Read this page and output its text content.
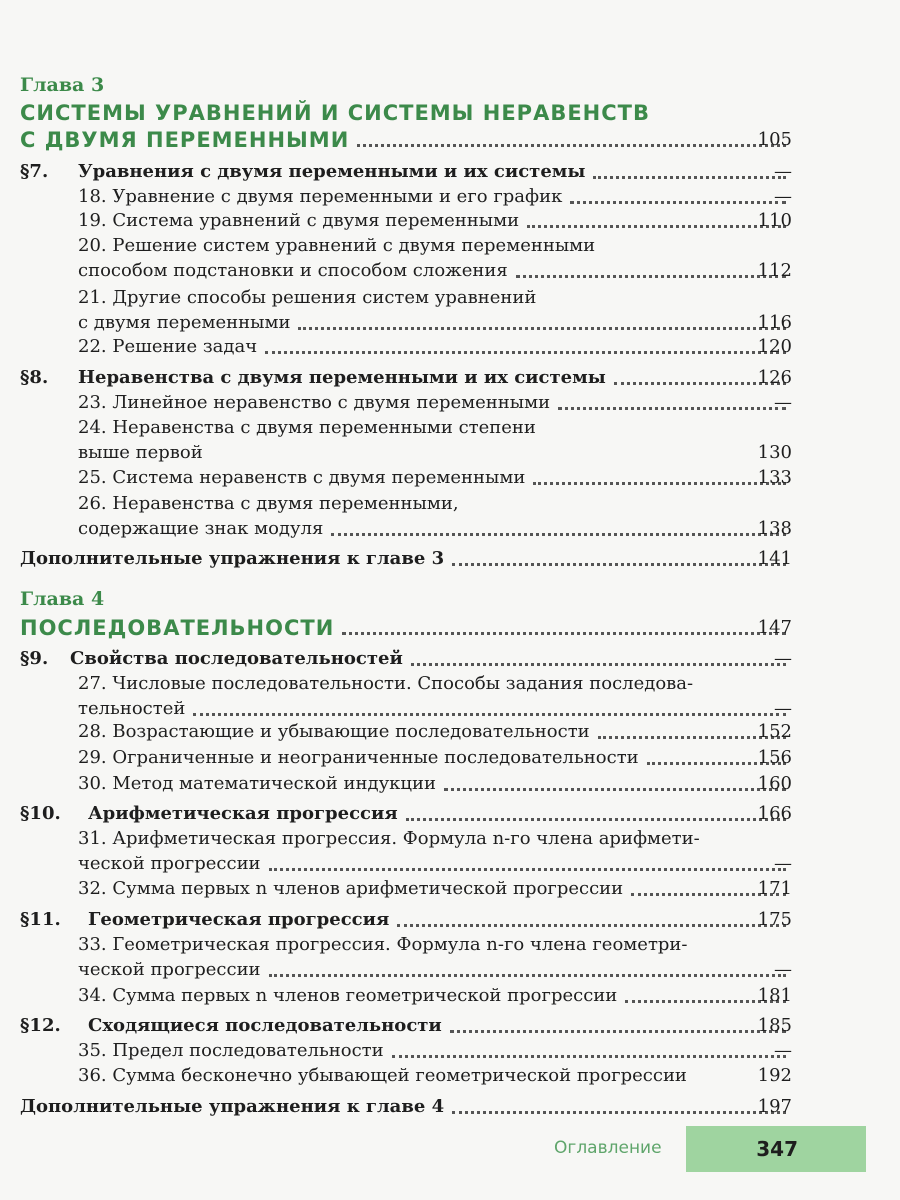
Глава 3
СИСТЕМЫ УРАВНЕНИЙ И СИСТЕМЫ НЕРАВЕНСТВ
С ДВУМЯ ПЕРЕМЕННЫМИ	105
§7. Уравнения с двумя переменными и их системы	—
18. Уравнение с двумя переменными и его график	—
19. Система уравнений с двумя переменными	110
20. Решение систем уравнений с двумя переменными
способом подстановки и способом сложения	112
21. Другие способы решения систем уравнений
с двумя переменными	116
22. Решение задач	120
§8. Неравенства с двумя переменными и их системы	126
23. Линейное неравенство с двумя переменными	—
24. Неравенства с двумя переменными степени
выше первой	130
25. Система неравенств с двумя переменными	133
26. Неравенства с двумя переменными,
содержащие знак модуля	138
Дополнительные упражнения к главе 3	141
Глава 4
ПОСЛЕДОВАТЕЛЬНОСТИ	147
§9. Свойства последовательностей	—
27. Числовые последовательности. Способы задания последова-
тельностей	—
28. Возрастающие и убывающие последовательности	152
29. Ограниченные и неограниченные последовательности	156
30. Метод математической индукции	160
§10. Арифметическая прогрессия	166
31. Арифметическая прогрессия. Формула n-го члена арифмети-
ческой прогрессии	—
32. Сумма первых n членов арифметической прогрессии	171
§11. Геометрическая прогрессия	175
33. Геометрическая прогрессия. Формула n-го члена геометри-
ческой прогрессии	—
34. Сумма первых n членов геометрической прогрессии	181
§12. Сходящиеся последовательности	185
35. Предел последовательности	—
36. Сумма бесконечно убывающей геометрической прогрессии	192
Дополнительные упражнения к главе 4	197
Оглавление	347
